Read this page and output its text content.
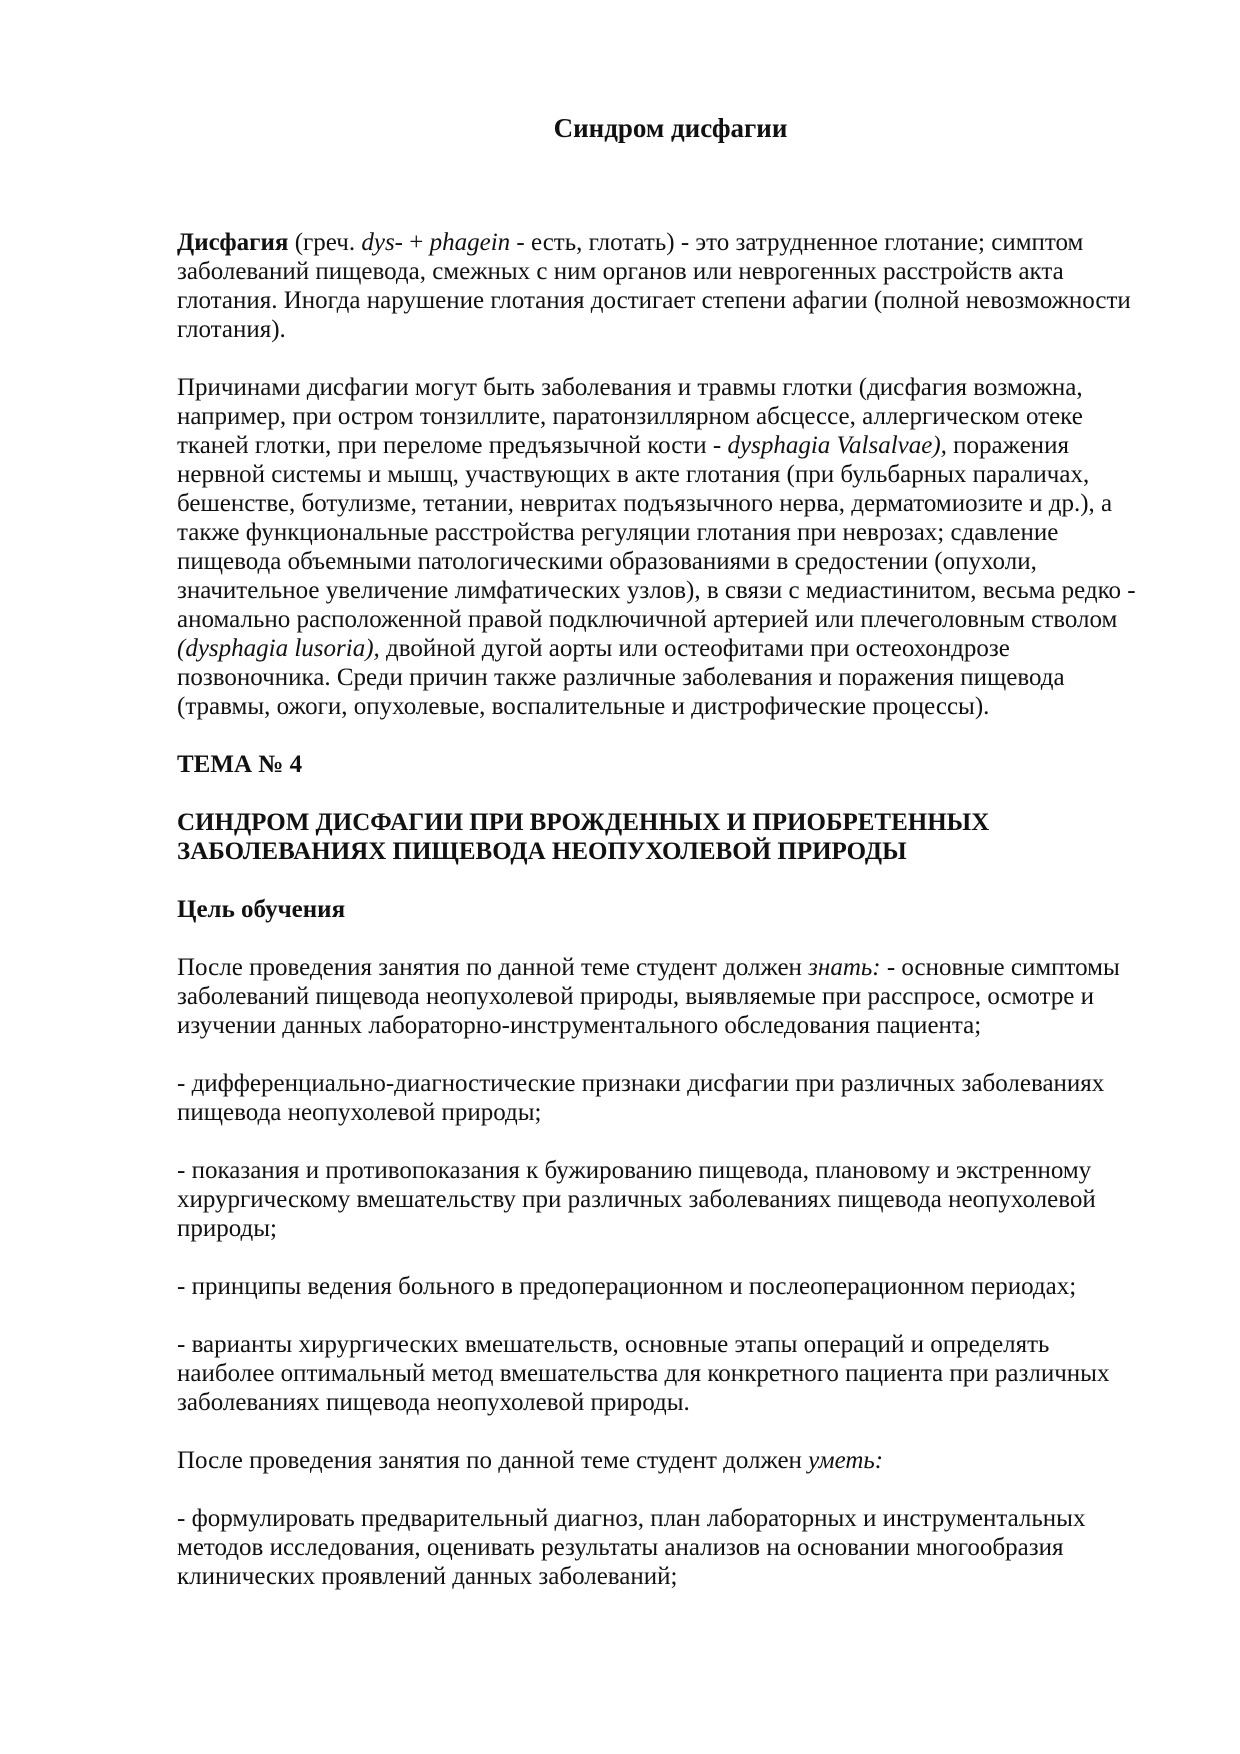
Синдром дисфагии

Дисфагия (греч. dys- + phagein - есть, глотать) - это затрудненное глотание; симптом заболеваний пищевода, смежных с ним органов или неврогенных расстройств акта глотания. Иногда нарушение глотания достигает степени афагии (полной невозможности глотания).

Причинами дисфагии могут быть заболевания и травмы глотки (дисфагия возможна, например, при остром тонзиллите, паратонзиллярном абсцессе, аллергическом отеке тканей глотки, при переломе предъязычной кости - dysphagia Valsalvae), поражения нервной системы и мышц, участвующих в акте глотания (при бульбарных параличах, бешенстве, ботулизме, тетании, невритах подъязычного нерва, дерматомиозите и др.), а также функциональные расстройства регуляции глотания при неврозах; сдавление пищевода объемными патологическими образованиями в средостении (опухоли, значительное увеличение лимфатических узлов), в связи с медиастинитом, весьма редко - аномально расположенной правой подключичной артерией или плечеголовным стволом (dysphagia lusoria), двойной дугой аорты или остеофитами при остеохондрозе позвоночника. Среди причин также различные заболевания и поражения пищевода (травмы, ожоги, опухолевые, воспалительные и дистрофические процессы).

ТЕМА № 4

СИНДРОМ ДИСФАГИИ ПРИ ВРОЖДЕННЫХ И ПРИОБРЕТЕННЫХ
ЗАБОЛЕВАНИЯХ ПИЩЕВОДА НЕОПУХОЛЕВОЙ ПРИРОДЫ

Цель обучения

После проведения занятия по данной теме студент должен знать: - основные симптомы заболеваний пищевода неопухолевой природы, выявляемые при расспросе, осмотре и изучении данных лабораторно-инструментального обследования пациента;

- дифференциально-диагностические признаки дисфагии при различных заболеваниях пищевода неопухолевой природы;

- показания и противопоказания к бужированию пищевода, плановому и экстренному хирургическому вмешательству при различных заболеваниях пищевода неопухолевой природы;

- принципы ведения больного в предоперационном и послеоперационном периодах;

- варианты хирургических вмешательств, основные этапы операций и определять наиболее оптимальный метод вмешательства для конкретного пациента при различных заболеваниях пищевода неопухолевой природы.

После проведения занятия по данной теме студент должен уметь:

- формулировать предварительный диагноз, план лабораторных и инструментальных методов исследования, оценивать результаты анализов на основании многообразия клинических проявлений данных заболеваний;
